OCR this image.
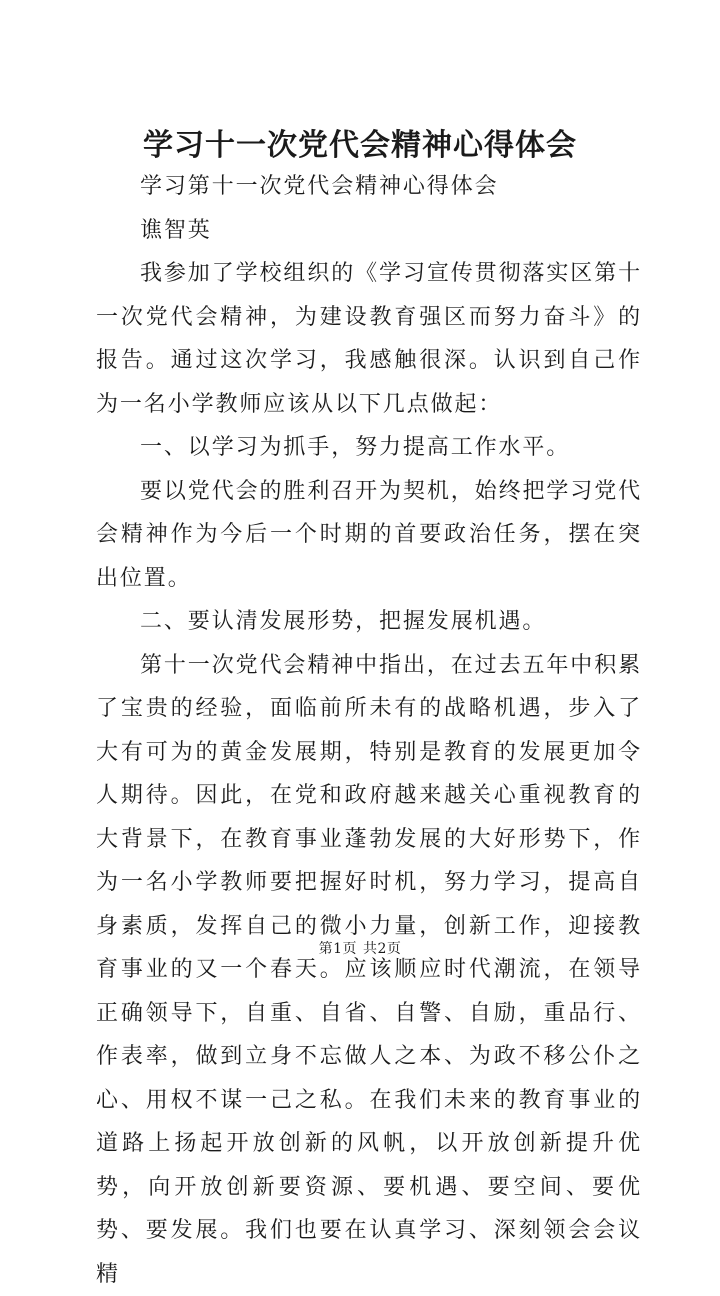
学习十一次党代会精神心得体会

学习第十一次党代会精神心得体会

谯智英

我参加了学校组织的《学习宣传贯彻落实区第十一次党代会精神，为建设教育强区而努力奋斗》的报告。通过这次学习，我感触很深。认识到自己作为一名小学教师应该从以下几点做起：

一、以学习为抓手，努力提高工作水平。

要以党代会的胜利召开为契机，始终把学习党代会精神作为今后一个时期的首要政治任务，摆在突出位置。

二、要认清发展形势，把握发展机遇。

第十一次党代会精神中指出，在过去五年中积累了宝贵的经验，面临前所未有的战略机遇，步入了大有可为的黄金发展期，特别是教育的发展更加令人期待。因此，在党和政府越来越关心重视教育的大背景下，在教育事业蓬勃发展的大好形势下，作为一名小学教师要把握好时机，努力学习，提高自身素质，发挥自己的微小力量，创新工作，迎接教育事业的又一个春天。应该顺应时代潮流，在领导正确领导下，自重、自省、自警、自励，重品行、作表率，做到立身不忘做人之本、为政不移公仆之心、用权不谋一己之私。在我们未来的教育事业的道路上扬起开放创新的风帆，以开放创新提升优势，向开放创新要资源、要机遇、要空间、要优势、要发展。我们也要在认真学习、深刻领会会议精

第1页 共2页
